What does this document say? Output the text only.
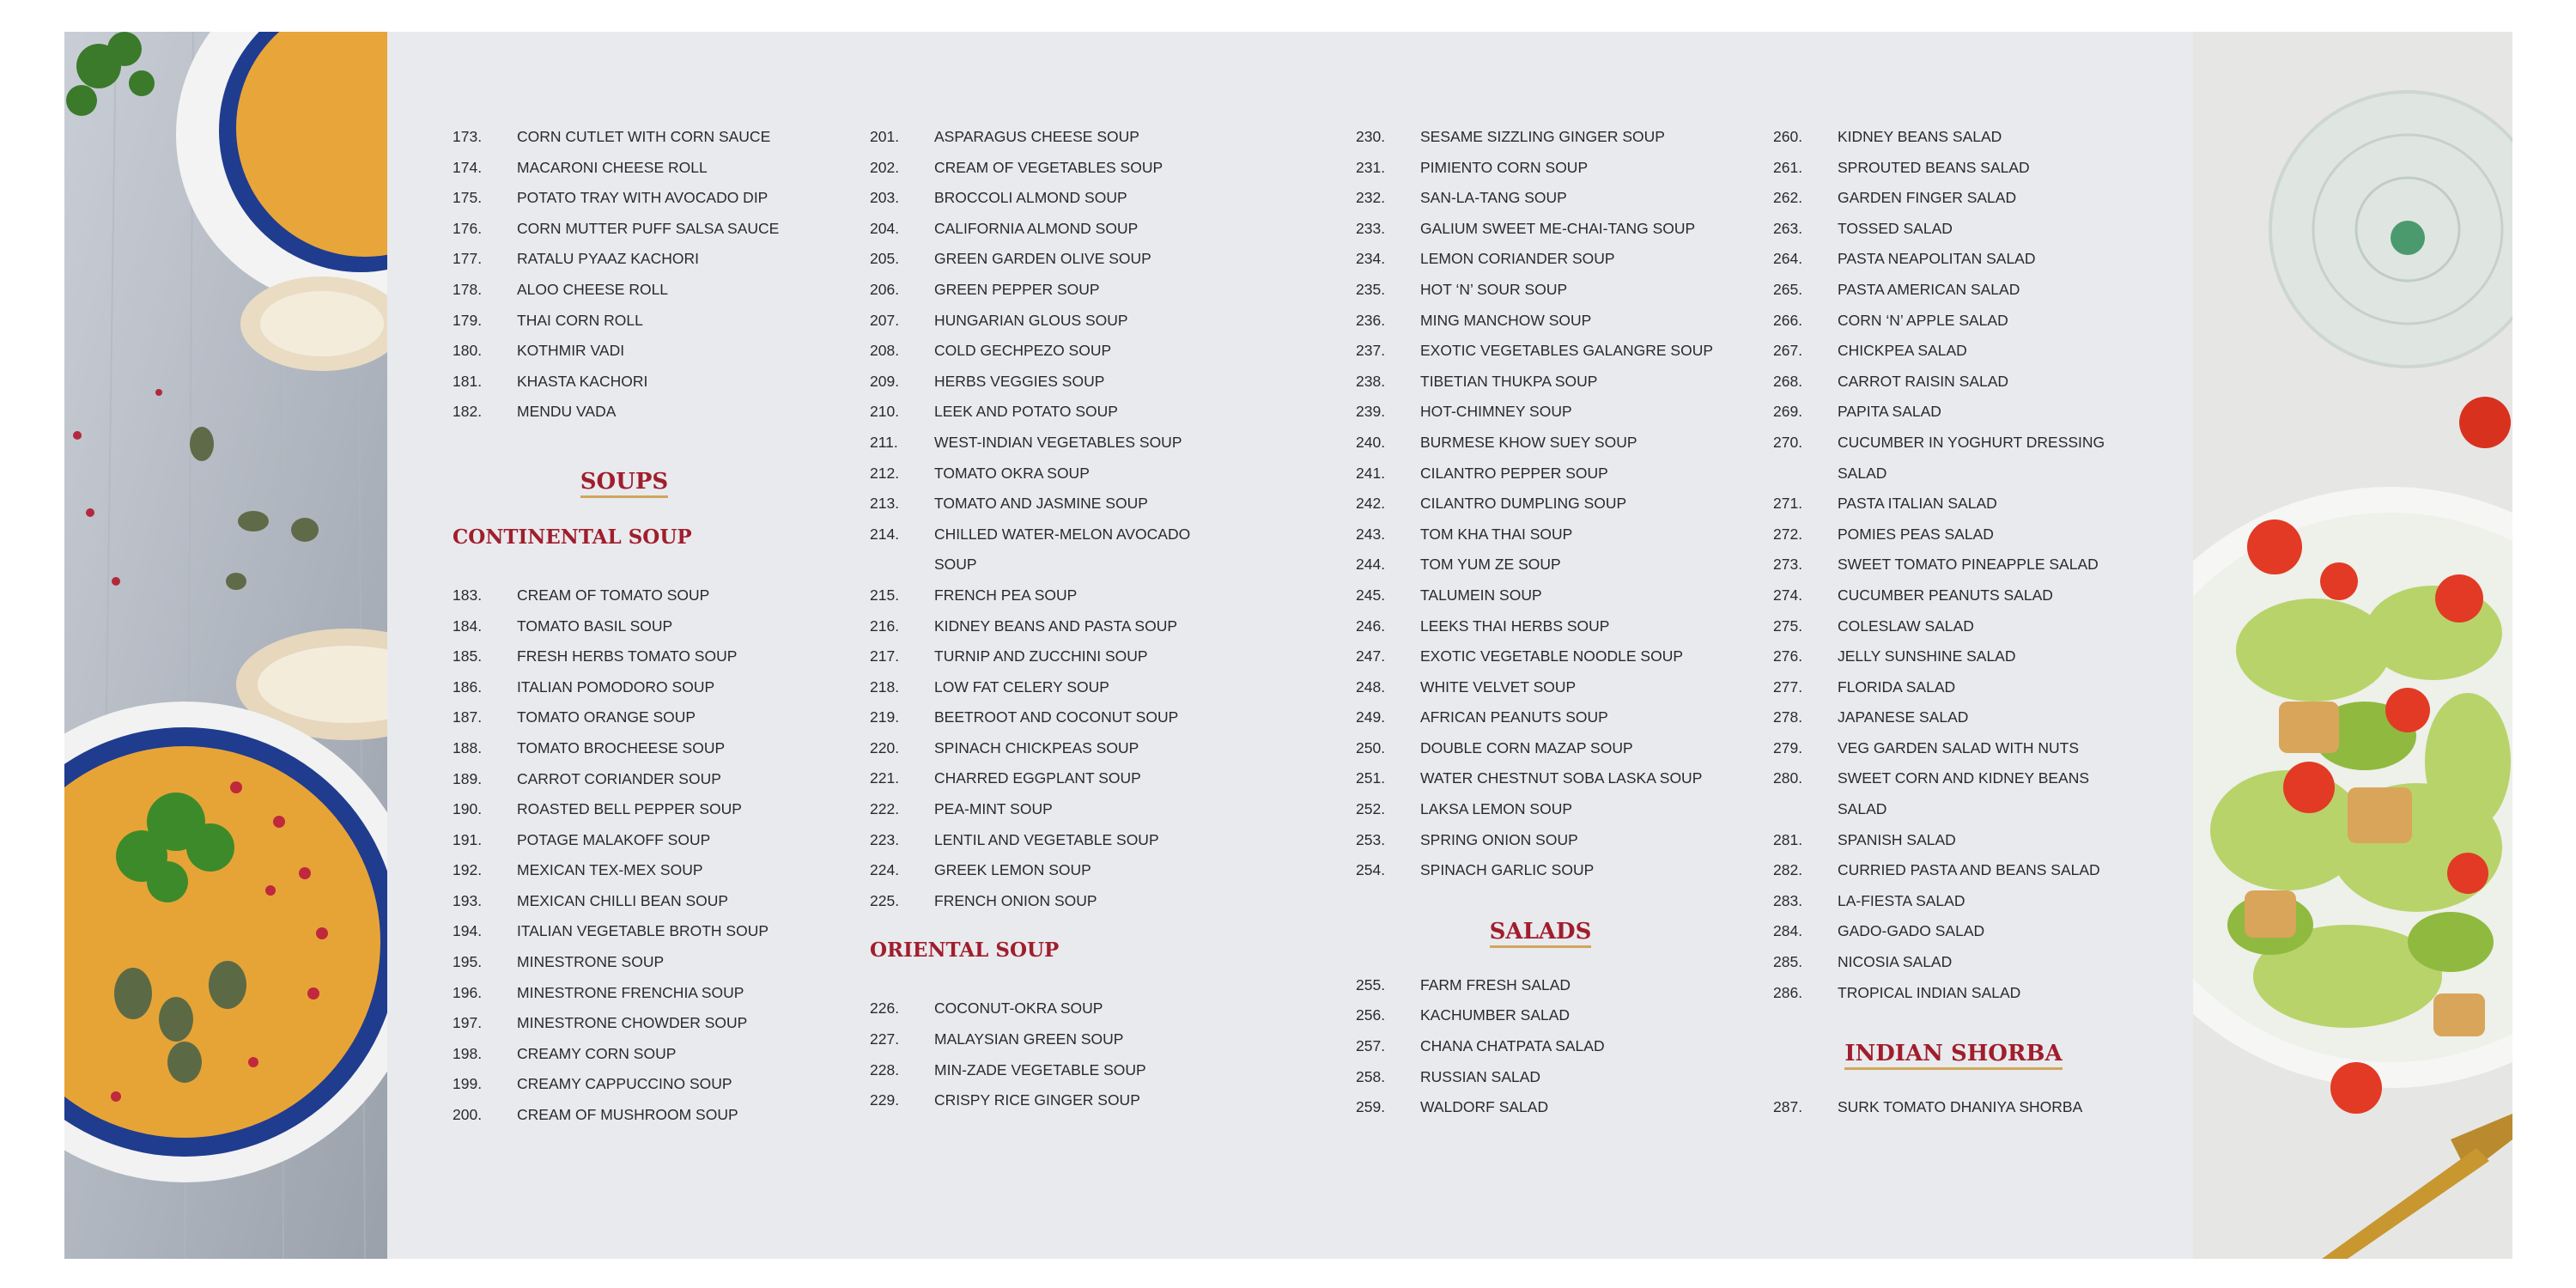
173.	CORN CUTLET WITH CORN SAUCE
174.	MACARONI CHEESE ROLL
175.	POTATO TRAY WITH AVOCADO DIP
176.	CORN MUTTER PUFF SALSA SAUCE
177.	RATALU PYAAZ KACHORI
178.	ALOO CHEESE ROLL
179.	THAI CORN ROLL
180.	KOTHMIR VADI
181.	KHASTA KACHORI
182.	MENDU VADA
SOUPS
CONTINENTAL SOUP
183.	CREAM OF TOMATO SOUP
184.	TOMATO BASIL SOUP
185.	FRESH HERBS TOMATO SOUP
186.	ITALIAN POMODORO SOUP
187.	TOMATO ORANGE SOUP
188.	TOMATO BROCHEESE SOUP
189.	CARROT CORIANDER SOUP
190.	ROASTED BELL PEPPER SOUP
191.	POTAGE MALAKOFF SOUP
192.	MEXICAN TEX-MEX SOUP
193.	MEXICAN CHILLI BEAN SOUP
194.	ITALIAN VEGETABLE BROTH SOUP
195.	MINESTRONE SOUP
196.	MINESTRONE FRENCHIA SOUP
197.	MINESTRONE CHOWDER SOUP
198.	CREAMY CORN SOUP
199.	CREAMY CAPPUCCINO SOUP
200.	CREAM OF MUSHROOM SOUP
201.	ASPARAGUS CHEESE SOUP
202.	CREAM OF VEGETABLES SOUP
203.	BROCCOLI ALMOND SOUP
204.	CALIFORNIA ALMOND SOUP
205.	GREEN GARDEN OLIVE SOUP
206.	GREEN PEPPER SOUP
207.	HUNGARIAN GLOUS SOUP
208.	COLD GECHPEZO SOUP
209.	HERBS VEGGIES SOUP
210.	LEEK AND POTATO SOUP
211.	WEST-INDIAN VEGETABLES SOUP
212.	TOMATO OKRA SOUP
213.	TOMATO AND JASMINE SOUP
214.	CHILLED WATER-MELON AVOCADO SOUP
215.	FRENCH PEA SOUP
216.	KIDNEY BEANS AND PASTA SOUP
217.	TURNIP AND ZUCCHINI SOUP
218.	LOW FAT CELERY SOUP
219.	BEETROOT AND COCONUT SOUP
220.	SPINACH CHICKPEAS SOUP
221.	CHARRED EGGPLANT SOUP
222.	PEA-MINT SOUP
223.	LENTIL AND VEGETABLE SOUP
224.	GREEK LEMON SOUP
225.	FRENCH ONION SOUP
ORIENTAL SOUP
226.	COCONUT-OKRA SOUP
227.	MALAYSIAN GREEN SOUP
228.	MIN-ZADE VEGETABLE SOUP
229.	CRISPY RICE GINGER SOUP
230.	SESAME SIZZLING GINGER SOUP
231.	PIMIENTO CORN SOUP
232.	SAN-LA-TANG SOUP
233.	GALIUM SWEET ME-CHAI-TANG SOUP
234.	LEMON CORIANDER SOUP
235.	HOT ‘N’ SOUR SOUP
236.	MING MANCHOW SOUP
237.	EXOTIC VEGETABLES GALANGRE SOUP
238.	TIBETIAN THUKPA SOUP
239.	HOT-CHIMNEY SOUP
240.	BURMESE KHOW SUEY SOUP
241.	CILANTRO PEPPER SOUP
242.	CILANTRO DUMPLING SOUP
243.	TOM KHA THAI SOUP
244.	TOM YUM ZE SOUP
245.	TALUMEIN SOUP
246.	LEEKS THAI HERBS SOUP
247.	EXOTIC VEGETABLE NOODLE SOUP
248.	WHITE VELVET SOUP
249.	AFRICAN PEANUTS SOUP
250.	DOUBLE CORN MAZAP SOUP
251.	WATER CHESTNUT SOBA LASKA SOUP
252.	LAKSA LEMON SOUP
253.	SPRING ONION SOUP
254.	SPINACH GARLIC SOUP
SALADS
255.	FARM FRESH SALAD
256.	KACHUMBER SALAD
257.	CHANA CHATPATA SALAD
258.	RUSSIAN SALAD
259.	WALDORF SALAD
260.	KIDNEY BEANS SALAD
261.	SPROUTED BEANS SALAD
262.	GARDEN FINGER SALAD
263.	TOSSED SALAD
264.	PASTA NEAPOLITAN SALAD
265.	PASTA AMERICAN SALAD
266.	CORN ‘N’ APPLE SALAD
267.	CHICKPEA SALAD
268.	CARROT RAISIN SALAD
269.	PAPITA SALAD
270.	CUCUMBER IN YOGHURT DRESSING SALAD
271.	PASTA ITALIAN SALAD
272.	POMIES PEAS SALAD
273.	SWEET TOMATO PINEAPPLE SALAD
274.	CUCUMBER PEANUTS SALAD
275.	COLESLAW SALAD
276.	JELLY SUNSHINE SALAD
277.	FLORIDA SALAD
278.	JAPANESE SALAD
279.	VEG GARDEN SALAD WITH NUTS
280.	SWEET CORN AND KIDNEY BEANS SALAD
281.	SPANISH SALAD
282.	CURRIED PASTA AND BEANS SALAD
283.	LA-FIESTA SALAD
284.	GADO-GADO SALAD
285.	NICOSIA SALAD
286.	TROPICAL INDIAN SALAD
INDIAN SHORBA
287.	SURK TOMATO DHANIYA SHORBA
